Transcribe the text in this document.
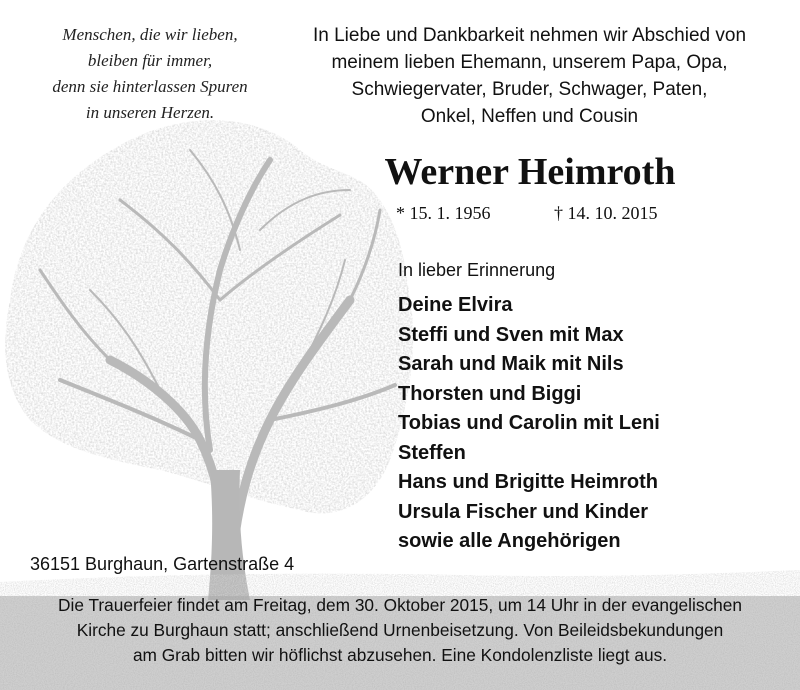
Menschen, die wir lieben,
bleiben für immer,
denn sie hinterlassen Spuren
in unseren Herzen.
In Liebe und Dankbarkeit nehmen wir Abschied von
meinem lieben Ehemann, unserem Papa, Opa,
Schwiegervater, Bruder, Schwager, Paten,
Onkel, Neffen und Cousin
Werner Heimroth
* 15. 1. 1956	† 14. 10. 2015
In lieber Erinnerung
Deine Elvira
Steffi und Sven mit Max
Sarah und Maik mit Nils
Thorsten und Biggi
Tobias und Carolin mit Leni
Steffen
Hans und Brigitte Heimroth
Ursula Fischer und Kinder
sowie alle Angehörigen
36151 Burghaun, Gartenstraße 4
Die Trauerfeier findet am Freitag, dem 30. Oktober 2015, um 14 Uhr in der evangelischen
Kirche zu Burghaun statt; anschließend Urnenbeisetzung. Von Beileidsbekundungen
am Grab bitten wir höflichst abzusehen. Eine Kondolenzliste liegt aus.
